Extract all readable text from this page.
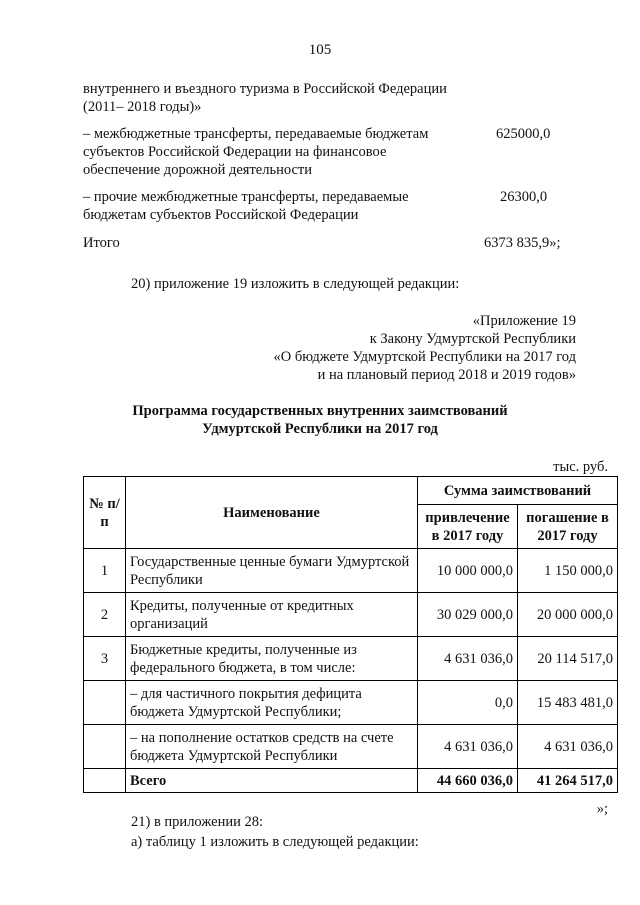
105
внутреннего и въездного туризма в Российской Федерации
(2011– 2018 годы)»
– межбюджетные трансферты, передаваемые бюджетам
субъектов Российской Федерации на финансовое
обеспечение дорожной деятельности
625000,0
– прочие межбюджетные трансферты, передаваемые
бюджетам субъектов Российской Федерации
26300,0
Итого	6373 835,9»;
20) приложение 19 изложить в следующей редакции:
«Приложение 19
к Закону Удмуртской Республики
«О бюджете Удмуртской Республики на 2017 год
и на плановый период 2018 и 2019 годов»
Программа государственных внутренних заимствований
Удмуртской Республики на 2017 год
тыс. руб.
№ п/п	Наименование	Сумма заимствований	
		привлечение в 2017 году	погашение в 2017 году
1	Государственные ценные бумаги Удмуртской Республики	10 000 000,0	1 150 000,0
2	Кредиты, полученные от кредитных организаций	30 029 000,0	20 000 000,0
3	Бюджетные кредиты, полученные из федерального бюджета, в том числе:	4 631 036,0	20 114 517,0
	– для частичного покрытия дефицита бюджета Удмуртской Республики;	0,0	15 483 481,0
	– на пополнение остатков средств на счете бюджета Удмуртской Республики	4 631 036,0	4 631 036,0
	Всего	44 660 036,0	41 264 517,0
»;
21) в приложении 28:
а) таблицу 1 изложить в следующей редакции:
